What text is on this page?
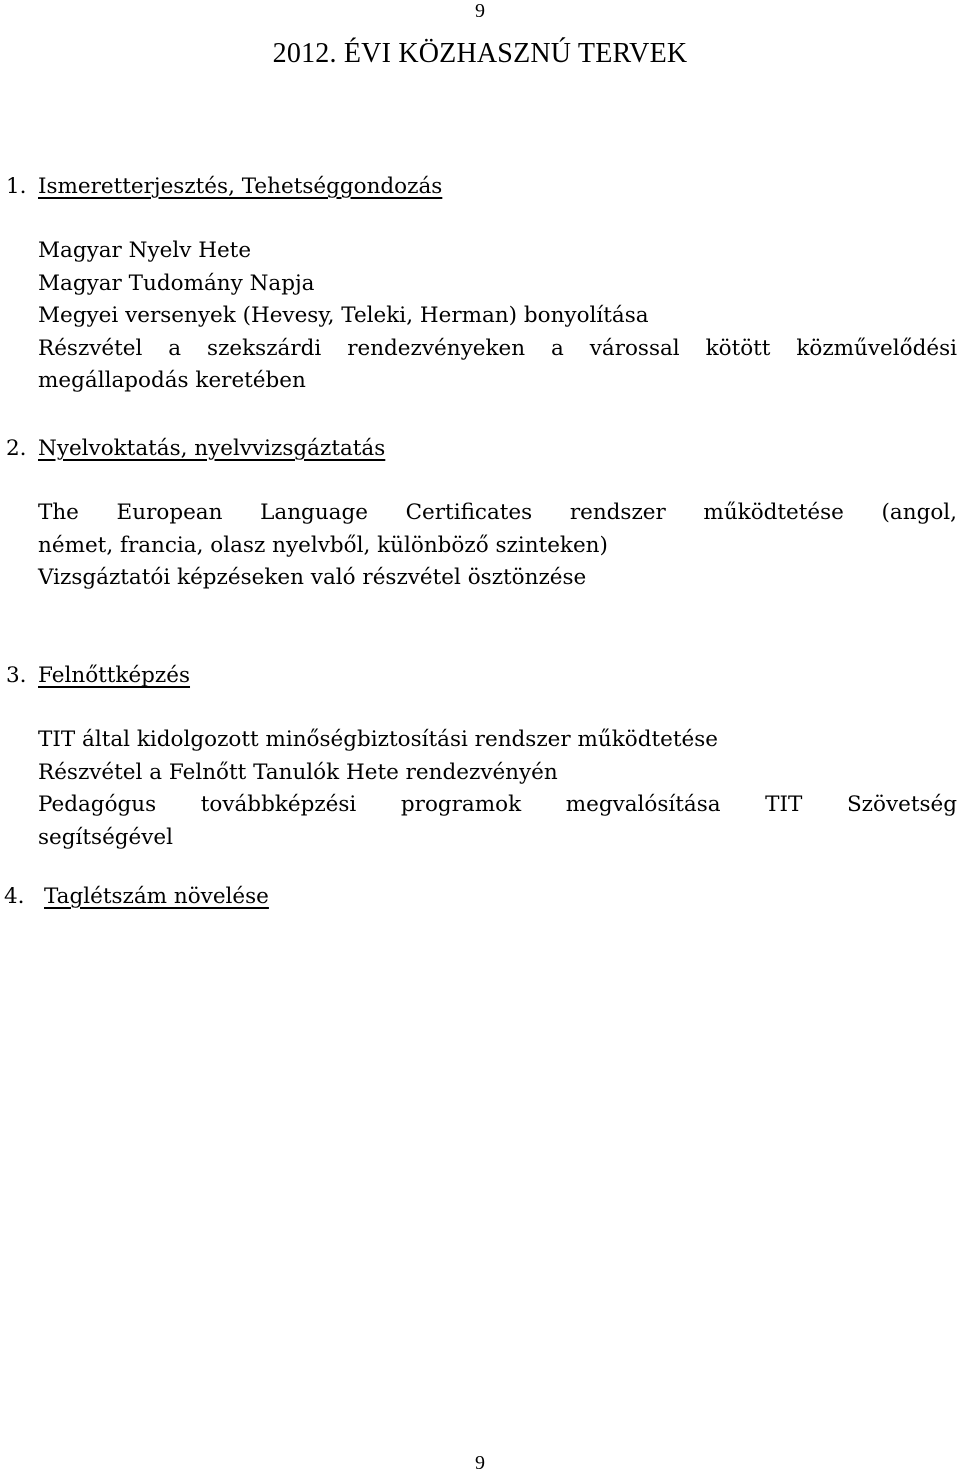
9
2012. ÉVI KÖZHASZNÚ TERVEK
1. Ismeretterjesztés, Tehetséggondozás
Magyar Nyelv Hete
Magyar Tudomány Napja
Megyei versenyek (Hevesy, Teleki, Herman) bonyolítása
Részvétel a szekszárdi rendezvényeken a várossal kötött közművelődési
megállapodás keretében
2. Nyelvoktatás, nyelvvizsgáztatás
The European Language Certificates rendszer működtetése (angol,
német, francia, olasz nyelvből, különböző szinteken)
Vizsgáztatói képzéseken való részvétel ösztönzése
3. Felnőttképzés
TIT által kidolgozott minőségbiztosítási rendszer működtetése
Részvétel a Felnőtt Tanulók Hete rendezvényén
Pedagógus továbbképzési programok megvalósítása TIT Szövetség
segítségével
4. Taglétszám növelése
9
